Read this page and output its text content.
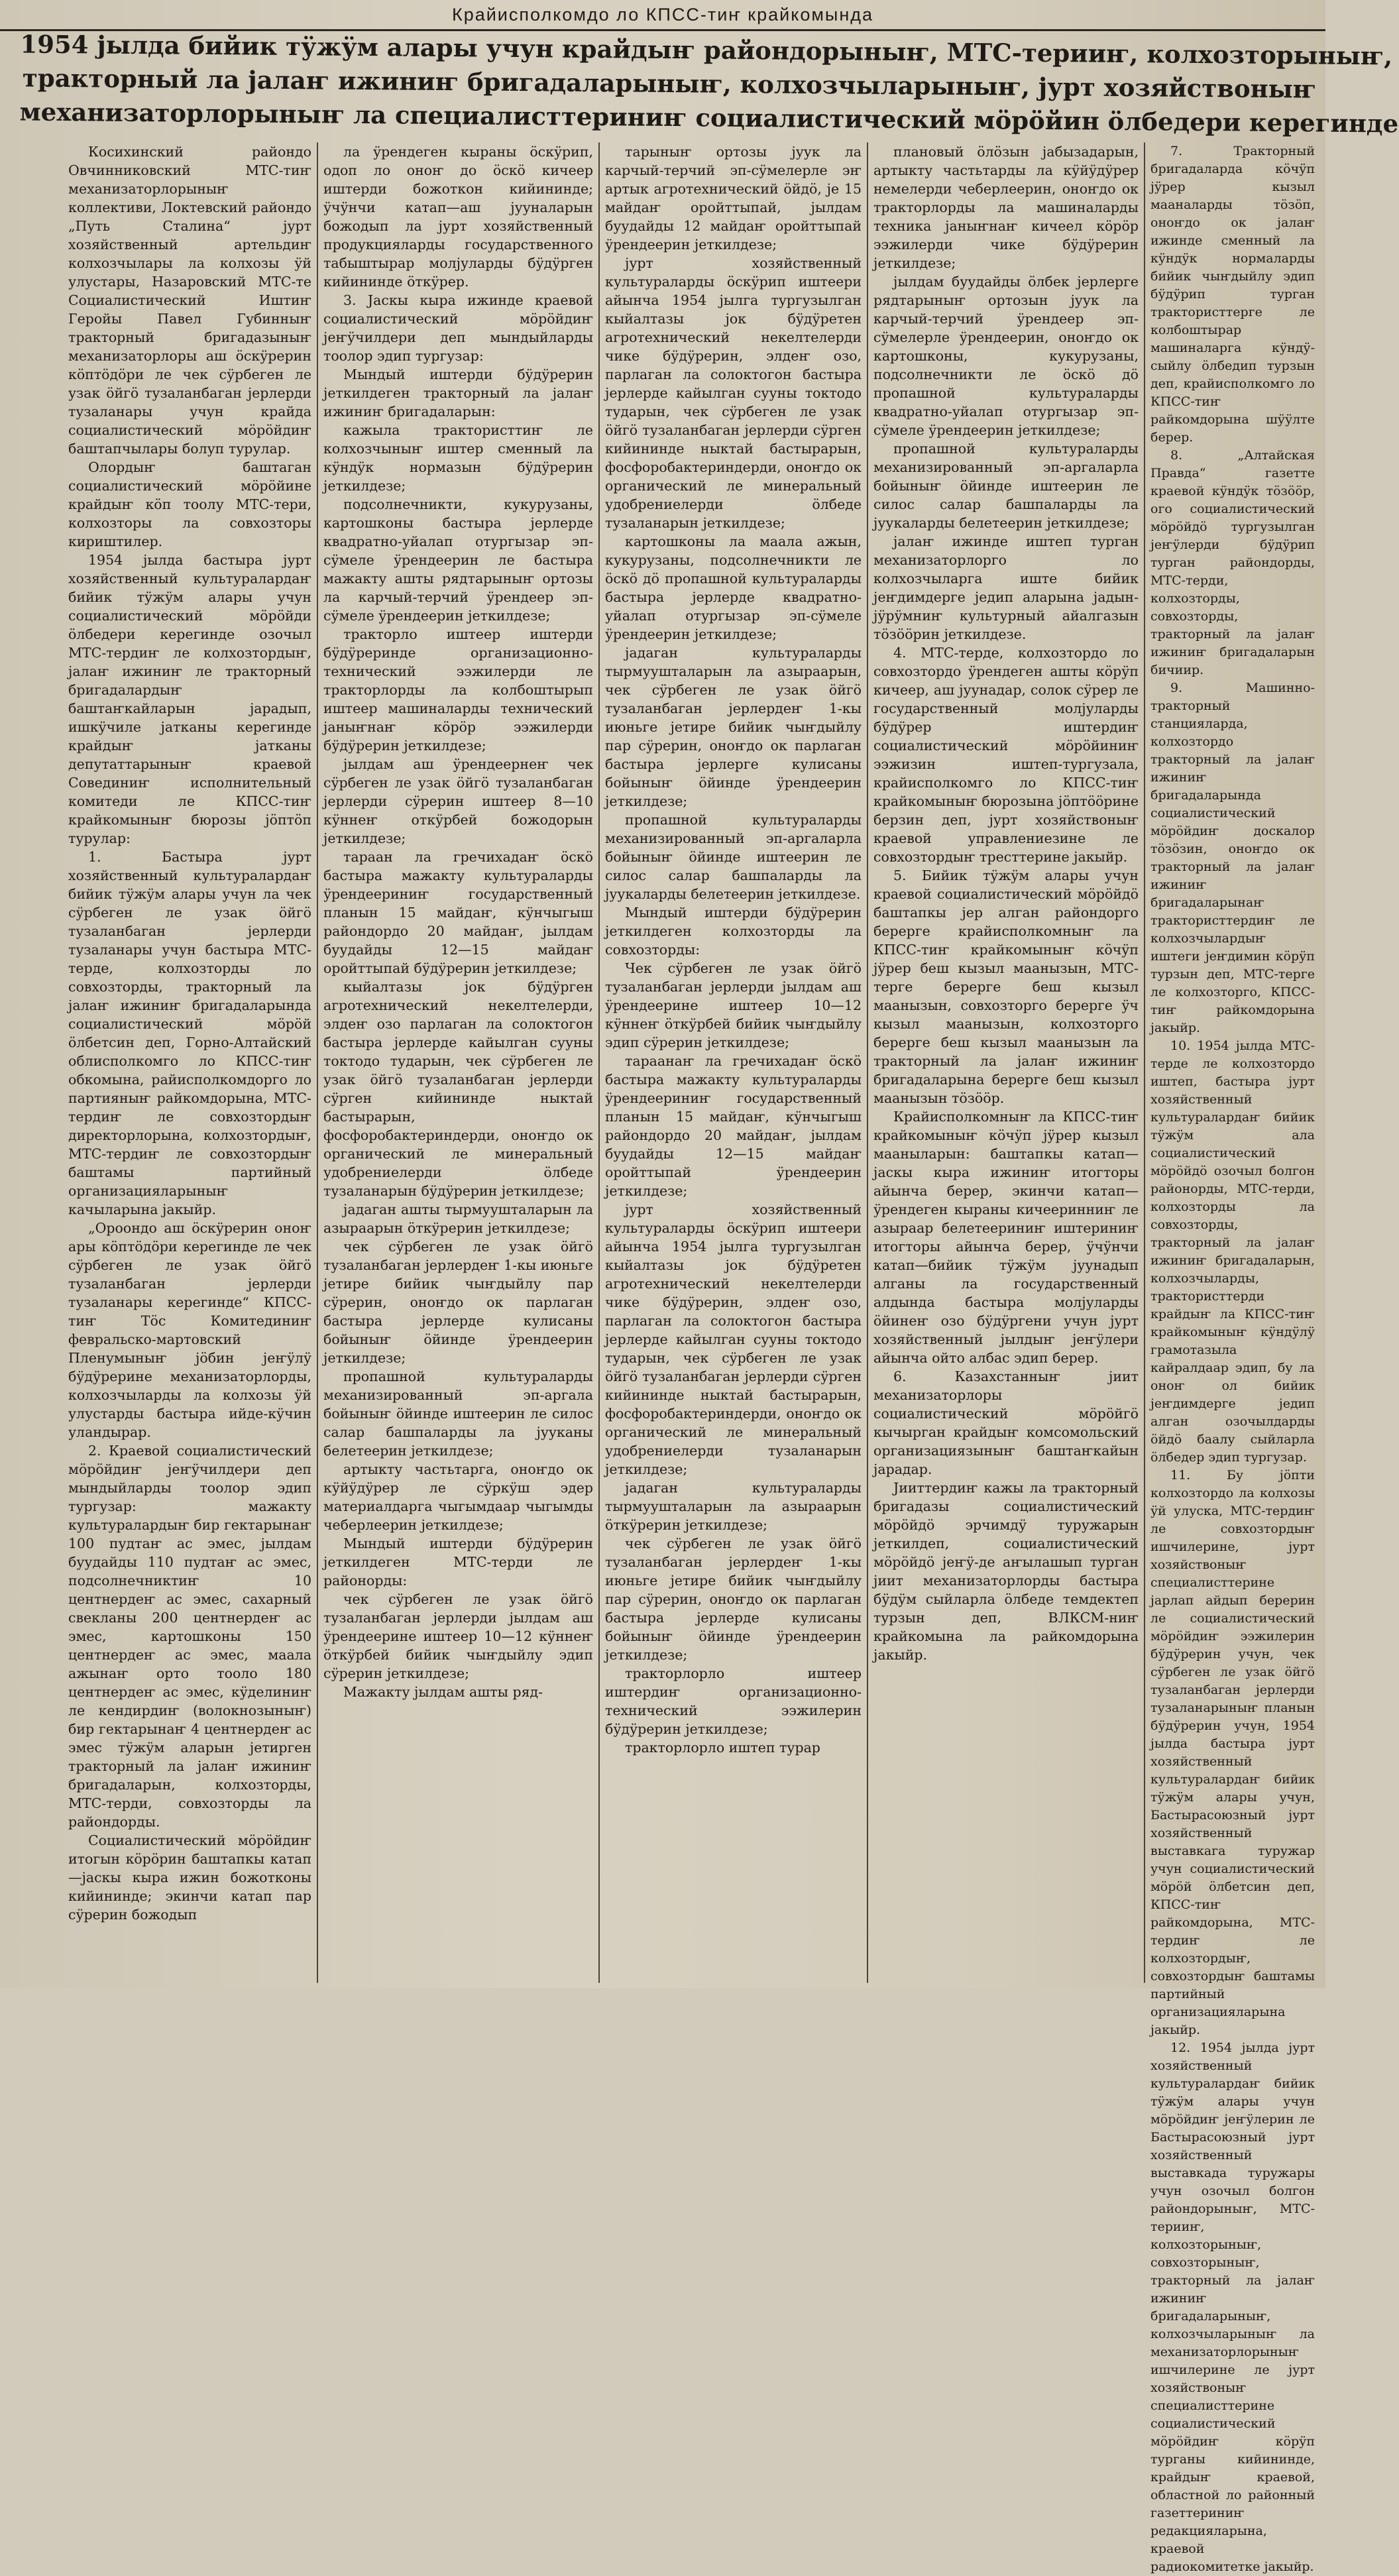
Крайисполкомдо ло КПСС-тиҥ крайкомында
1954 јылда бийик тӱжӱм алары учун крайдыҥ райондорыныҥ, МТС-терииҥ, колхозторыныҥ,
тракторный ла јалаҥ ижиниҥ бригадаларыныҥ, колхозчыларыныҥ, јурт хозяйствоныҥ
механизаторлорыныҥ ла специалисттериниҥ социалистический мӧрӧйин ӧлбедери керегинде

Косихинский райондо Овчинниковский МТС-тиҥ механизаторлорыныҥ коллективи, Локтевский райондо „Путь Сталина“ јурт хозяйственный артельдиҥ колхозчылары ла колхозы ӱй улустары, Назаровский МТС-те Социалистический Иштиҥ Геройы Павел Губинныҥ тракторный бригадазыныҥ механизаторлоры аш ӧскӱрерин кӧптӧдӧри ле чек сӱрбеген ле узак ӧйгӧ тузаланбаган јерлерди тузаланары учун крайда социалистический мӧрӧйдиҥ баштапчылары болуп турулар.

Олордыҥ баштаган социалистический мӧрӧйине крайдыҥ кӧп тоолу МТС-тери, колхозторы ла совхозторы кириштилер.

1954 јылда бастыра јурт хозяйственный культуралардаҥ бийик тӱжӱм алары учун социалистический мӧрӧйди ӧлбедери керегинде озочыл МТС-тердиҥ ле колхозтордыҥ, јалаҥ ижиниҥ ле тракторный бригадалардыҥ баштаҥкайларын јарадып, ишкӱчиле јатканы керегинде крайдыҥ јатканы депутаттарыныҥ краевой Совединиҥ исполнительный комитеди ле КПСС-тиҥ крайкомыныҥ бюрозы јӧптӧп турулар:

1. Бастыра јурт хозяйственный культуралардаҥ бийик тӱжӱм алары учун ла чек сӱрбеген ле узак ӧйгӧ тузаланбаган јерлерди тузаланары учун бастыра МТС-терде, колхозторды ло совхозторды, тракторный ла јалаҥ ижиниҥ бригадаларында социалистический мӧрӧй ӧлбетсин деп, Горно-Алтайский облисполкомго ло КПСС-тиҥ обкомына, райисполкомдорго ло партияныҥ райкомдорына, МТС-тердиҥ ле совхозтордыҥ директорлорына, колхозтордыҥ, МТС-тердиҥ ле совхозтордыҥ баштамы партийный организацияларыныҥ качыларына јакыйр.

„Ороондо аш ӧскӱрерин оноҥ ары кӧптӧдӧри керегинде ле чек сӱрбеген ле узак ӧйгӧ тузаланбаган јерлерди тузаланары керегинде“ КПСС-тиҥ Тӧс Комитединиҥ февральско-мартовский Пленумыныҥ јӧбин јеҥӱлӱ бӱдӱрерине механизаторлорды, колхозчыларды ла колхозы ӱй улустарды бастыра ийде-кӱчин уландырар.

2. Краевой социалистический мӧрӧйдиҥ јеҥӱчилдери деп мындыйларды тоолор эдип тургузар: мажакту культуралардыҥ бир гектарынаҥ 100 пудтаҥ ас эмес, јылдам буудайды 110 пудтаҥ ас эмес, подсолнечниктиҥ 10 центнердеҥ ас эмес, сахарный свекланы 200 центнердеҥ ас эмес, картошконы 150 центнердеҥ ас эмес, маала ажынаҥ орто тооло 180 центнердеҥ ас эмес, кӱделиниҥ ле кендирдиҥ (волокнозыныҥ) бир гектарынаҥ 4 центнердеҥ ас эмес тӱжӱм аларын јетирген тракторный ла јалаҥ ижиниҥ бригадаларын, колхозторды, МТС-терди, совхозторды ла райондорды.

Социалистический мӧрӧйдиҥ итогын кӧрӧрин баштапкы катап—јаскы кыра ижин божотконы кийининде; экинчи катап пар сӱрерин божодып

ла ӱрендеген кыраны ӧскӱрип, одоп ло оноҥ до ӧскӧ кичеер иштерди божоткон кийининде; ӱчӱнчи катап—аш јууналарын божодып ла јурт хозяйственный продукцияларды государственного табыштырар молјуларды бӱдӱрген кийининде ӧткӱрер.

3. Јаскы кыра ижинде краевой социалистический мӧрӧйдиҥ јеҥӱчилдери деп мындыйларды тоолор эдип тургузар:

Мындый иштерди бӱдӱрерин јеткилдеген тракторный ла јалаҥ ижиниҥ бригадаларын:

кажыла трактористтиҥ ле колхозчыныҥ иштер сменный ла кӱндӱк нормазын бӱдӱрерин јеткилдезе;

подсолнечникти, кукурузаны, картошконы бастыра јерлерде квадратно-уйалап отургызар эп-сӱмеле ӱрендеерин ле бастыра мажакту ашты рядтарыныҥ ортозы ла карчый-терчий ӱрендеер эп-сӱмеле ӱрендеерин јеткилдезе;

тракторло иштеер иштерди бӱдӱреринде организационно-технический ээжилерди ле тракторлорды ла колбоштырып иштеер машиналарды технический јаныҥнаҥ кӧрӧр ээжилерди бӱдӱрерин јеткилдезе;

јылдам аш ӱрендеернеҥ чек сӱрбеген ле узак ӧйгӧ тузаланбаган јерлерди сӱрерин иштеер 8—10 кӱннеҥ откӱрбей божодорын јеткилдезе;

тараан ла гречихадаҥ ӧскӧ бастыра мажакту культураларды ӱрендеериниҥ государственный планын 15 майдаҥ, кӱнчыгыш райондордо 20 майдаҥ, јылдам буудайды 12—15 майдаҥ оройттыпай бӱдӱрерин јеткилдезе;

кыйалтазы јок бӱдӱрген агротехнический некелтелерди, элдеҥ озо парлаган ла солоктогон бастыра јерлерде кайылган сууны токтодо тударын, чек сӱрбеген ле узак ӧйгӧ тузаланбаган јерлерди сӱрген кийининде ныктай бастырарын, фосфоробактериндерди, оноҥдо ок органический ле минеральный удобрениелерди ӧлбеде тузаланарын бӱдӱрерин јеткилдезе;

јадаган ашты тырмуушталарын ла азыраарын ӧткӱрерин јеткилдезе;

чек сӱрбеген ле узак ӧйгӧ тузаланбаган јерлердеҥ 1-кы июньге јетире бийик чыҥдыйлу пар сӱрерин, оноҥдо ок парлаган бастыра јерлерде кулисаны бойыныҥ ӧйинде ӱрендеерин јеткилдезе;

пропашной культураларды механизированный эп-аргала бойыныҥ ӧйинде иштеерин ле силос салар башпаларды ла јууканы белетеерин јеткилдезе;

артыкту частьтарга, оноҥдо ок кӱйӱдӱрер ле сӱркӱш эдер материалдарга чыгымдаар чыгымды чеберлеерин јеткилдезе;

Мындый иштерди бӱдӱрерин јеткилдеген МТС-терди ле районорды:

чек сӱрбеген ле узак ӧйгӧ тузаланбаган јерлерди јылдам аш ӱрендеерине иштеер 10—12 кӱннеҥ ӧткӱрбей бийик чыҥдыйлу эдип сӱрерин јеткилдезе;

Мажакту јылдам ашты ряд-

тарыныҥ ортозы јуук ла карчый-терчий эп-сӱмелерле эҥ артык агротехнический ӧйдӧ, је 15 майдаҥ оройттыпай, јылдам буудайды 12 майдаҥ оройттыпай ӱрендеерин јеткилдезе;

јурт хозяйственный культураларды ӧскӱрип иштеери айынча 1954 јылга тургузылган кыйалтазы јок бӱдӱретен агротехнический некелтелерди чике бӱдӱрерин, элдеҥ озо, парлаган ла солоктогон бастыра јерлерде кайылган сууны токтодо тударын, чек сӱрбеген ле узак ӧйгӧ тузаланбаган јерлерди сӱрген кийининде ныктай бастырарын, фосфоробактериндерди, оноҥдо ок органический ле минеральный удобрениелерди ӧлбеде тузаланарын јеткилдезе;

картошконы ла маала ажын, кукурузаны, подсолнечникти ле ӧскӧ дӧ пропашной культураларды бастыра јерлерде квадратно-уйалап отургызар эп-сӱмеле ӱрендеерин јеткилдезе;

јадаган культураларды тырмуушталарын ла азыраарын, чек сӱрбеген ле узак ӧйгӧ тузаланбаган јерлердеҥ 1-кы июньге јетире бийик чыҥдыйлу пар сӱрерин, оноҥдо ок парлаган бастыра јерлерге кулисаны бойыныҥ ӧйинде ӱрендеерин јеткилдезе;

пропашной культураларды механизированный эп-аргаларла бойыныҥ ӧйинде иштеерин ле силос салар башпаларды ла јуукаларды белетеерин јеткилдезе.

Мындый иштерди бӱдӱрерин јеткилдеген колхозторды ла совхозторды:

Чек сӱрбеген ле узак ӧйгӧ тузаланбаган јерлерди јылдам аш ӱрендеерине иштеер 10—12 кӱннеҥ ӧткӱрбей бийик чыҥдыйлу эдип сӱрерин јеткилдезе;

тараанаҥ ла гречихадаҥ ӧскӧ бастыра мажакту культураларды ӱрендеериниҥ государственный планын 15 майдаҥ, кӱнчыгыш райондордо 20 майдаҥ, јылдам буудайды 12—15 майдаҥ оройттыпай ӱрендеерин јеткилдезе;

јурт хозяйственный культураларды ӧскӱрип иштеери айынча 1954 јылга тургузылган кыйалтазы јок бӱдӱретен агротехнический некелтелерди чике бӱдӱрерин, элдеҥ озо, парлаган ла солоктогон бастыра јерлерде кайылган сууны токтодо тударын, чек сӱрбеген ле узак ӧйгӧ тузаланбаган јерлерди сӱрген кийининде ныктай бастырарын, фосфоробактериндерди, оноҥдо ок органический ле минеральный удобрениелерди тузаланарын јеткилдезе;

јадаган культураларды тырмуушталарын ла азыраарын ӧткӱрерин јеткилдезе;

чек сӱрбеген ле узак ӧйгӧ тузаланбаган јерлердеҥ 1-кы июньге јетире бийик чыҥдыйлу пар сӱрерин, оноҥдо ок парлаган бастыра јерлерде кулисаны бойыныҥ ӧйинде ӱрендеерин јеткилдезе;

тракторлорло иштеер иштердиҥ организационно-технический ээжилерин бӱдӱрерин јеткилдезе;

тракторлорло иштеп турар

плановый ӧлӧзын јабызадарын, артыкту частьтарды ла кӱйӱдӱрер немелерди чеберлеерин, оноҥдо ок тракторлорды ла машиналарды техника јаныҥнаҥ кичеел кӧрӧр ээжилерди чике бӱдӱрерин јеткилдезе;

јылдам буудайды ӧлбек јерлерге рядтарыныҥ ортозын јуук ла карчый-терчий ӱрендеер эп-сӱмелерле ӱрендеерин, оноҥдо ок картошконы, кукурузаны, подсолнечникти ле ӧскӧ дӧ пропашной культураларды квадратно-уйалап отургызар эп-сӱмеле ӱрендеерин јеткилдезе;

пропашной культураларды механизированный эп-аргаларла бойыныҥ ӧйинде иштеерин ле силос салар башпаларды ла јуукаларды белетеерин јеткилдезе;

јалаҥ ижинде иштеп турган механизаторлорго ло колхозчыларга иште бийик јеҥдимдерге једип аларына јадын-јӱрӱмниҥ культурный айалгазын тӧзӧӧрин јеткилдезе.

4. МТС-терде, колхозтордо ло совхозтордо ӱрендеген ашты кӧрӱп кичеер, аш јуунадар, солок сӱрер ле государственный молјуларды бӱдӱрер иштердиҥ социалистический мӧрӧйиниҥ ээжизин иштеп-тургузала, крайисполкомго ло КПСС-тиҥ крайкомыныҥ бюрозына јӧптӧӧрине берзин деп, јурт хозяйствоныҥ краевой управлениезине ле совхозтордыҥ тресттерине јакыйр.

5. Бийик тӱжӱм алары учун краевой социалистический мӧрӧйдӧ баштапкы јер алган райондорго берерге крайисполкомныҥ ла КПСС-тиҥ крайкомыныҥ кӧчӱп јӱрер беш кызыл маанызын, МТС-терге берерге беш кызыл маанызын, совхозторго берерге ӱч кызыл маанызын, колхозторго берерге беш кызыл маанызын ла тракторный ла јалаҥ ижиниҥ бригадаларына берерге беш кызыл маанызын тӧзӧӧр.

Крайисполкомныҥ ла КПСС-тиҥ крайкомыныҥ кӧчӱп јӱрер кызыл мааныларын: баштапкы катап—јаскы кыра ижиниҥ итогторы айынча берер, экинчи катап—ӱрендеген кыраны кичееринниҥ ле азыраар белетеериниҥ иштериниҥ итогторы айынча берер, ӱчӱнчи катап—бийик тӱжӱм јуунадып алганы ла государственный алдында бастыра молјуларды ӧйинеҥ озо бӱдӱргени учун јурт хозяйственный јылдыҥ јеҥӱлери айынча ойто албас эдип берер.

6. Казахстанныҥ јиит механизаторлоры социалистический мӧрӧйгӧ кычырган крайдыҥ комсомольский организациязыныҥ баштаҥкайын јарадар.

Јииттердиҥ кажы ла тракторный бригадазы социалистический мӧрӧйдӧ эрчимдӱ туружарын јеткилдеп, социалистический мӧрӧйдӧ јеҥӱ-де аҥылашып турган јиит механизаторлорды бастыра бӱдӱм сыйларла ӧлбеде темдектеп турзын деп, ВЛКСМ-ниҥ крайкомына ла райкомдорына јакыйр.

7. Тракторный бригадаларда кӧчӱп јӱрер кызыл мааналарды тӧзӧп, оноҥдо ок јалаҥ ижинде сменный ла кӱндӱк нормаларды бийик чыҥдыйлу эдип бӱдӱрип турган трактористтерге ле колбоштырар машиналарга кӱндӱ-сыйлу ӧлбедип турзын деп, крайисполкомго ло КПСС-тиҥ райкомдорына шӱӱлте берер.

8. „Алтайская Правда“ газетте краевой кӱндӱк тӧзӧӧр, ого социалистический мӧрӧйдӧ тургузылган јеҥӱлерди бӱдӱрип турган райондорды, МТС-терди, колхозторды, совхозторды, тракторный ла јалаҥ ижиниҥ бригадаларын бичиир.

9. Машинно-тракторный станцияларда, колхозтордо тракторный ла јалаҥ ижиниҥ бригадаларында социалистический мӧрӧйдиҥ доскалор тӧзӧзин, оноҥдо ок тракторный ла јалаҥ ижиниҥ бригадаларынаҥ трактористтердиҥ ле колхозчылардыҥ иштеги јеҥдимин кӧрӱп турзын деп, МТС-терге ле колхозторго, КПСС-тиҥ райкомдорына јакыйр.

10. 1954 јылда МТС-терде ле колхозтордо иштеп, бастыра јурт хозяйственный культуралардаҥ бийик тӱжӱм ала социалистический мӧрӧйдӧ озочыл болгон районорды, МТС-терди, колхозторды ла совхозторды, тракторный ла јалаҥ ижиниҥ бригадаларын, колхозчыларды, трактористтерди крайдыҥ ла КПСС-тиҥ крайкомыныҥ кӱндӱлӱ грамотазыла кайралдаар эдип, бу ла оноҥ ол бийик јеҥдимдерге једип алган озочылдарды ӧйдӧ баалу сыйларла ӧлбедер эдип тургузар.

11. Бу јӧпти колхозтордо ла колхозы ӱй улуска, МТС-тердиҥ ле совхозтордыҥ ишчилерине, јурт хозяйствоныҥ специалисттерине јарлап айдып берерин ле социалистический мӧрӧйдиҥ ээжилерин бӱдӱрерин учун, чек сӱрбеген ле узак ӧйгӧ тузаланбаган јерлерди тузаланарыныҥ планын бӱдӱрерин учун, 1954 јылда бастыра јурт хозяйственный культуралардаҥ бийик тӱжӱм алары учун, Бастырасоюзный јурт хозяйственный выставкага туружар учун социалистический мӧрӧй ӧлбетсин деп, КПСС-тиҥ райкомдорына, МТС-тердиҥ ле колхозтордыҥ, совхозтордыҥ баштамы партийный организацияларына јакыйр.

12. 1954 јылда јурт хозяйственный культуралардаҥ бийик тӱжӱм алары учун мӧрӧйдиҥ јеҥӱлерин ле Бастырасоюзный јурт хозяйственный выставкада туружары учун озочыл болгон райондорыныҥ, МТС-терииҥ, колхозторыныҥ, совхозторыныҥ, тракторный ла јалаҥ ижиниҥ бригадаларыныҥ, колхозчыларыныҥ ла механизаторлорыныҥ ишчилерине ле јурт хозяйствоныҥ специалисттерине социалистический мӧрӧйдиҥ кӧрӱп турганы кийининде, крайдыҥ краевой, областной ло районный газеттериниҥ редакцияларына, краевой радиокомитетке јакыйр.
